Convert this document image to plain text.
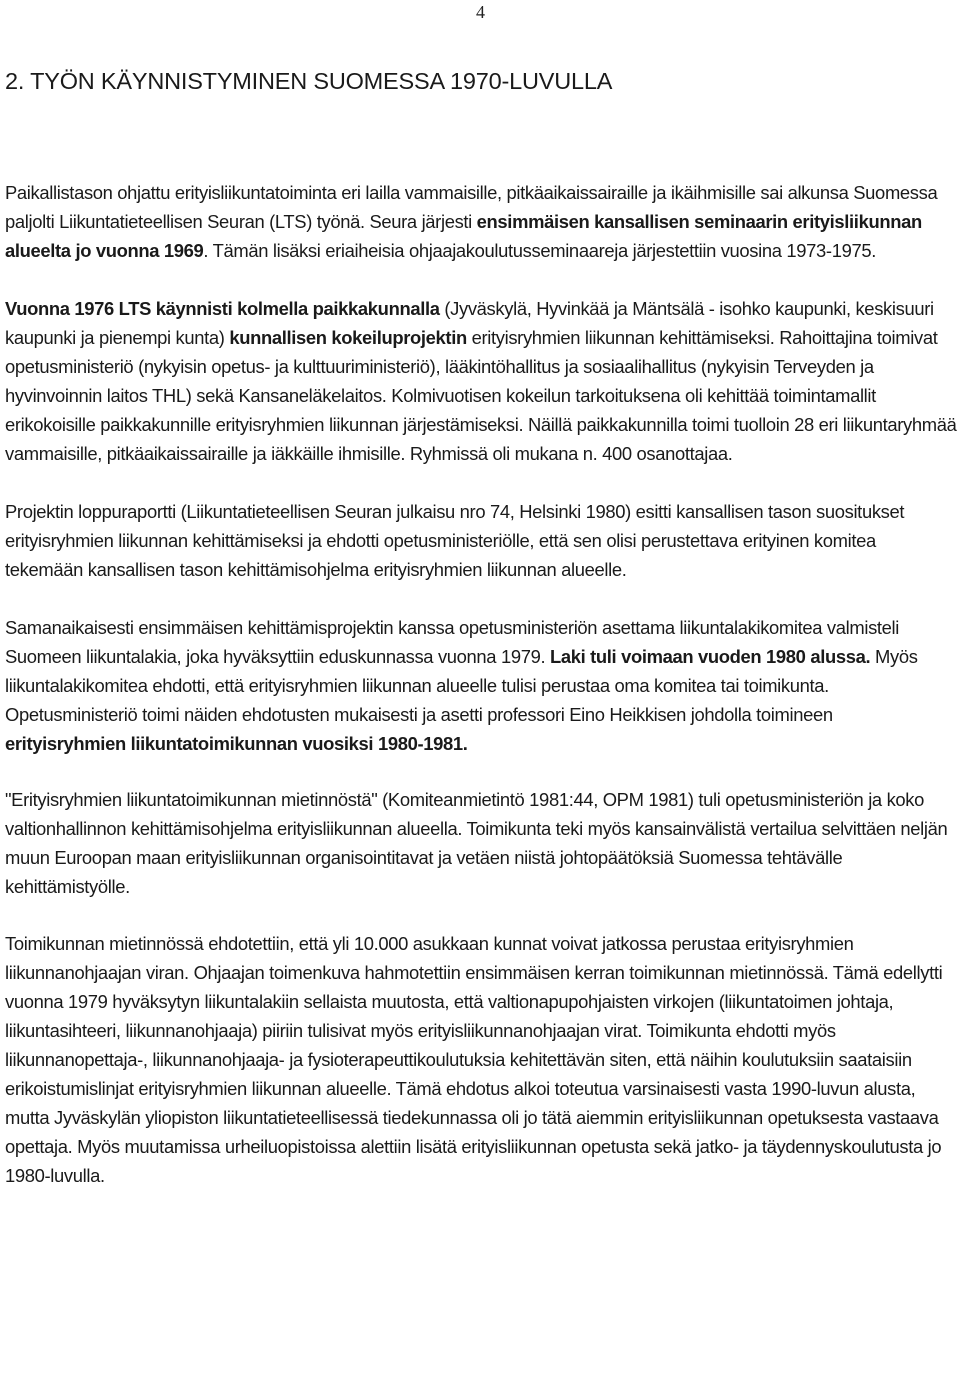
4
2. TYÖN KÄYNNISTYMINEN SUOMESSA 1970-LUVULLA

Paikallistason ohjattu erityisliikuntatoiminta eri lailla vammaisille, pitkäaikaissairaille ja ikäihmisille sai alkunsa Suomessa paljolti Liikuntatieteellisen Seuran (LTS) työnä. Seura järjesti ensimmäisen kansallisen seminaarin erityisliikunnan alueelta jo vuonna 1969. Tämän lisäksi eriaiheisia ohjaajakoulutusseminaareja järjestettiin vuosina 1973-1975.

Vuonna 1976 LTS käynnisti kolmella paikkakunnalla (Jyväskylä, Hyvinkää ja Mäntsälä - isohko kaupunki, keskisuuri kaupunki ja pienempi kunta) kunnallisen kokeiluprojektin erityisryhmien liikunnan kehittämiseksi. Rahoittajina toimivat opetusministeriö (nykyisin opetus- ja kulttuuriministeriö), lääkintöhallitus ja sosiaalihallitus (nykyisin Terveyden ja hyvinvoinnin laitos THL) sekä Kansaneläkelaitos. Kolmivuotisen kokeilun tarkoituksena oli kehittää toimintamallit erikokoisille paikkakunnille erityisryhmien liikunnan järjestämiseksi. Näillä paikkakunnilla toimi tuolloin 28 eri liikuntaryhmää vammaisille, pitkäaikaissairaille ja iäkkäille ihmisille. Ryhmissä oli mukana n. 400 osanottajaa.

Projektin loppuraportti (Liikuntatieteellisen Seuran julkaisu nro 74, Helsinki 1980) esitti kansallisen tason suositukset erityisryhmien liikunnan kehittämiseksi ja ehdotti opetusministeriölle, että sen olisi perustettava erityinen komitea tekemään kansallisen tason kehittämisohjelma erityisryhmien liikunnan alueelle.

Samanaikaisesti ensimmäisen kehittämisprojektin kanssa opetusministeriön asettama liikuntalakikomitea valmisteli Suomeen liikuntalakia, joka hyväksyttiin eduskunnassa vuonna 1979. Laki tuli voimaan vuoden 1980 alussa. Myös liikuntalakikomitea ehdotti, että erityisryhmien liikunnan alueelle tulisi perustaa oma komitea tai toimikunta. Opetusministeriö toimi näiden ehdotusten mukaisesti ja asetti professori Eino Heikkisen johdolla toimineen erityisryhmien liikuntatoimikunnan vuosiksi 1980-1981.

"Erityisryhmien liikuntatoimikunnan mietinnöstä" (Komiteanmietintö 1981:44, OPM 1981) tuli opetusministeriön ja koko valtionhallinnon kehittämisohjelma erityisliikunnan alueella. Toimikunta teki myös kansainvälistä vertailua selvittäen neljän muun Euroopan maan erityisliikunnan organisointitavat ja vetäen niistä johtopäätöksiä Suomessa tehtävälle kehittämistyölle.

Toimikunnan mietinnössä ehdotettiin, että yli 10.000 asukkaan kunnat voivat jatkossa perustaa erityisryhmien liikunnanohjaajan viran. Ohjaajan toimenkuva hahmotettiin ensimmäisen kerran toimikunnan mietinnössä. Tämä edellytti vuonna 1979 hyväksytyn liikuntalakiin sellaista muutosta, että valtionapupohjaisten virkojen (liikuntatoimen johtaja, liikuntasihteeri, liikunnanohjaaja) piiriin tulisivat myös erityisliikunnanohjaajan virat. Toimikunta ehdotti myös liikunnanopettaja-, liikunnanohjaaja- ja fysioterapeuttikoulutuksia kehitettävän siten, että näihin koulutuksiin saataisiin erikoistumislinjat erityisryhmien liikunnan alueelle. Tämä ehdotus alkoi toteutua varsinaisesti vasta 1990-luvun alusta, mutta Jyväskylän yliopiston liikuntatieteellisessä tiedekunnassa oli jo tätä aiemmin erityisliikunnan opetuksesta vastaava opettaja. Myös muutamissa urheiluopistoissa alettiin lisätä erityisliikunnan opetusta sekä jatko- ja täydennyskoulutusta jo 1980-luvulla.
